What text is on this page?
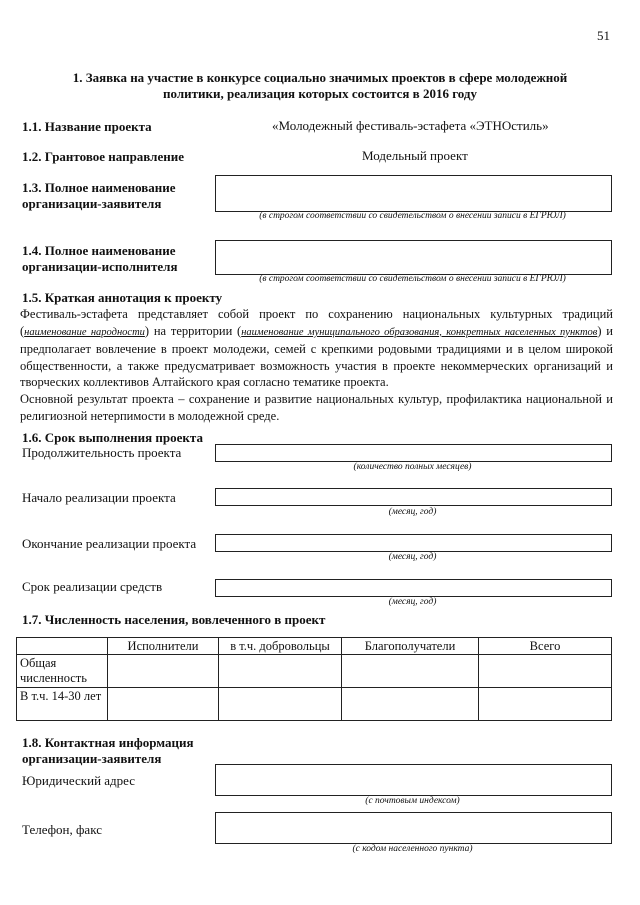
51
1. Заявка на участие в конкурсе социально значимых проектов в сфере молодежной
политики, реализация которых состоится в 2016 году
1.1. Название проекта	«Молодежный фестиваль-эстафета «ЭТНОстиль»
1.2. Грантовое направление	Модельный проект
1.3. Полное наименование
организации-заявителя
(в строгом соответствии со свидетельством о внесении записи в ЕГРЮЛ)
1.4. Полное наименование
организации-исполнителя
(в строгом соответствии со свидетельством о внесении записи в ЕГРЮЛ)
1.5. Краткая аннотация к проекту
Фестиваль-эстафета представляет собой проект по сохранению национальных культурных традиций (наименование народности) на территории (наименование муниципального образования, конкретных населенных пунктов) и предполагает вовлечение в проект молодежи, семей с крепкими родовыми традициями и в целом широкой общественности, а также предусматривает возможность участия в проекте некоммерческих организаций и творческих коллективов Алтайского края согласно тематике проекта.
Основной результат проекта – сохранение и развитие национальных культур, профилактика национальной и религиозной нетерпимости в молодежной среде.
1.6. Срок выполнения проекта
Продолжительность проекта
(количество полных месяцев)
Начало реализации проекта
(месяц, год)
Окончание реализации проекта
(месяц, год)
Срок реализации средств
(месяц, год)
1.7. Численность населения, вовлеченного в проект
	Исполнители	в т.ч. добровольцы	Благополучатели	Всего
Общая численность				
В т.ч. 14-30 лет				
1.8. Контактная информация
организации-заявителя
Юридический адрес
(с почтовым индексом)
Телефон, факс
(с кодом населенного пункта)
